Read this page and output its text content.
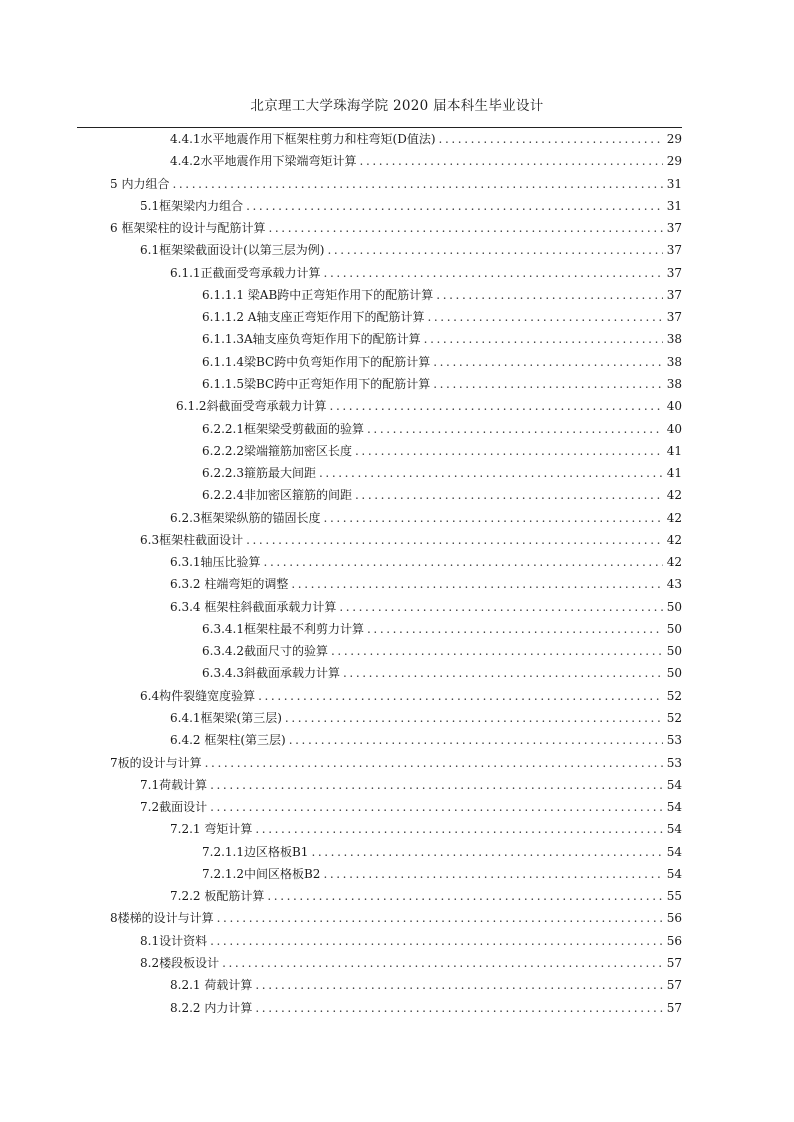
北京理工大学珠海学院 2020 届本科生毕业设计
4.4.1水平地震作用下框架柱剪力和柱弯矩(D值法) .....	29
4.4.2水平地震作用下梁端弯矩计算 .....	29
5 内力组合 .....	31
5.1框架梁内力组合 .....	31
6 框架梁柱的设计与配筋计算 .....	37
6.1框架梁截面设计(以第三层为例) .....	37
6.1.1正截面受弯承载力计算 .....	37
6.1.1.1 梁AB跨中正弯矩作用下的配筋计算 .....	37
6.1.1.2 A轴支座正弯矩作用下的配筋计算 .....	37
6.1.1.3A轴支座负弯矩作用下的配筋计算 .....	38
6.1.1.4梁BC跨中负弯矩作用下的配筋计算 .....	38
6.1.1.5梁BC跨中正弯矩作用下的配筋计算 .....	38
6.1.2斜截面受弯承载力计算 .....	40
6.2.2.1框架梁受剪截面的验算 .....	40
6.2.2.2梁端箍筋加密区长度 .....	41
6.2.2.3箍筋最大间距 .....	41
6.2.2.4非加密区箍筋的间距 .....	42
6.2.3框架梁纵筋的锚固长度 .....	42
6.3框架柱截面设计 .....	42
6.3.1轴压比验算 .....	42
6.3.2 柱端弯矩的调整 .....	43
6.3.4 框架柱斜截面承载力计算 .....	50
6.3.4.1框架柱最不利剪力计算 .....	50
6.3.4.2截面尺寸的验算 .....	50
6.3.4.3斜截面承载力计算 .....	50
6.4构件裂缝宽度验算 .....	52
6.4.1框架梁(第三层) .....	52
6.4.2 框架柱(第三层) .....	53
7板的设计与计算 .....	53
7.1荷载计算 .....	54
7.2截面设计 .....	54
7.2.1 弯矩计算 .....	54
7.2.1.1边区格板B1 .....	54
7.2.1.2中间区格板B2 .....	54
7.2.2 板配筋计算 .....	55
8楼梯的设计与计算 .....	56
8.1设计资料 .....	56
8.2楼段板设计 .....	57
8.2.1 荷载计算 .....	57
8.2.2 内力计算 .....	57
